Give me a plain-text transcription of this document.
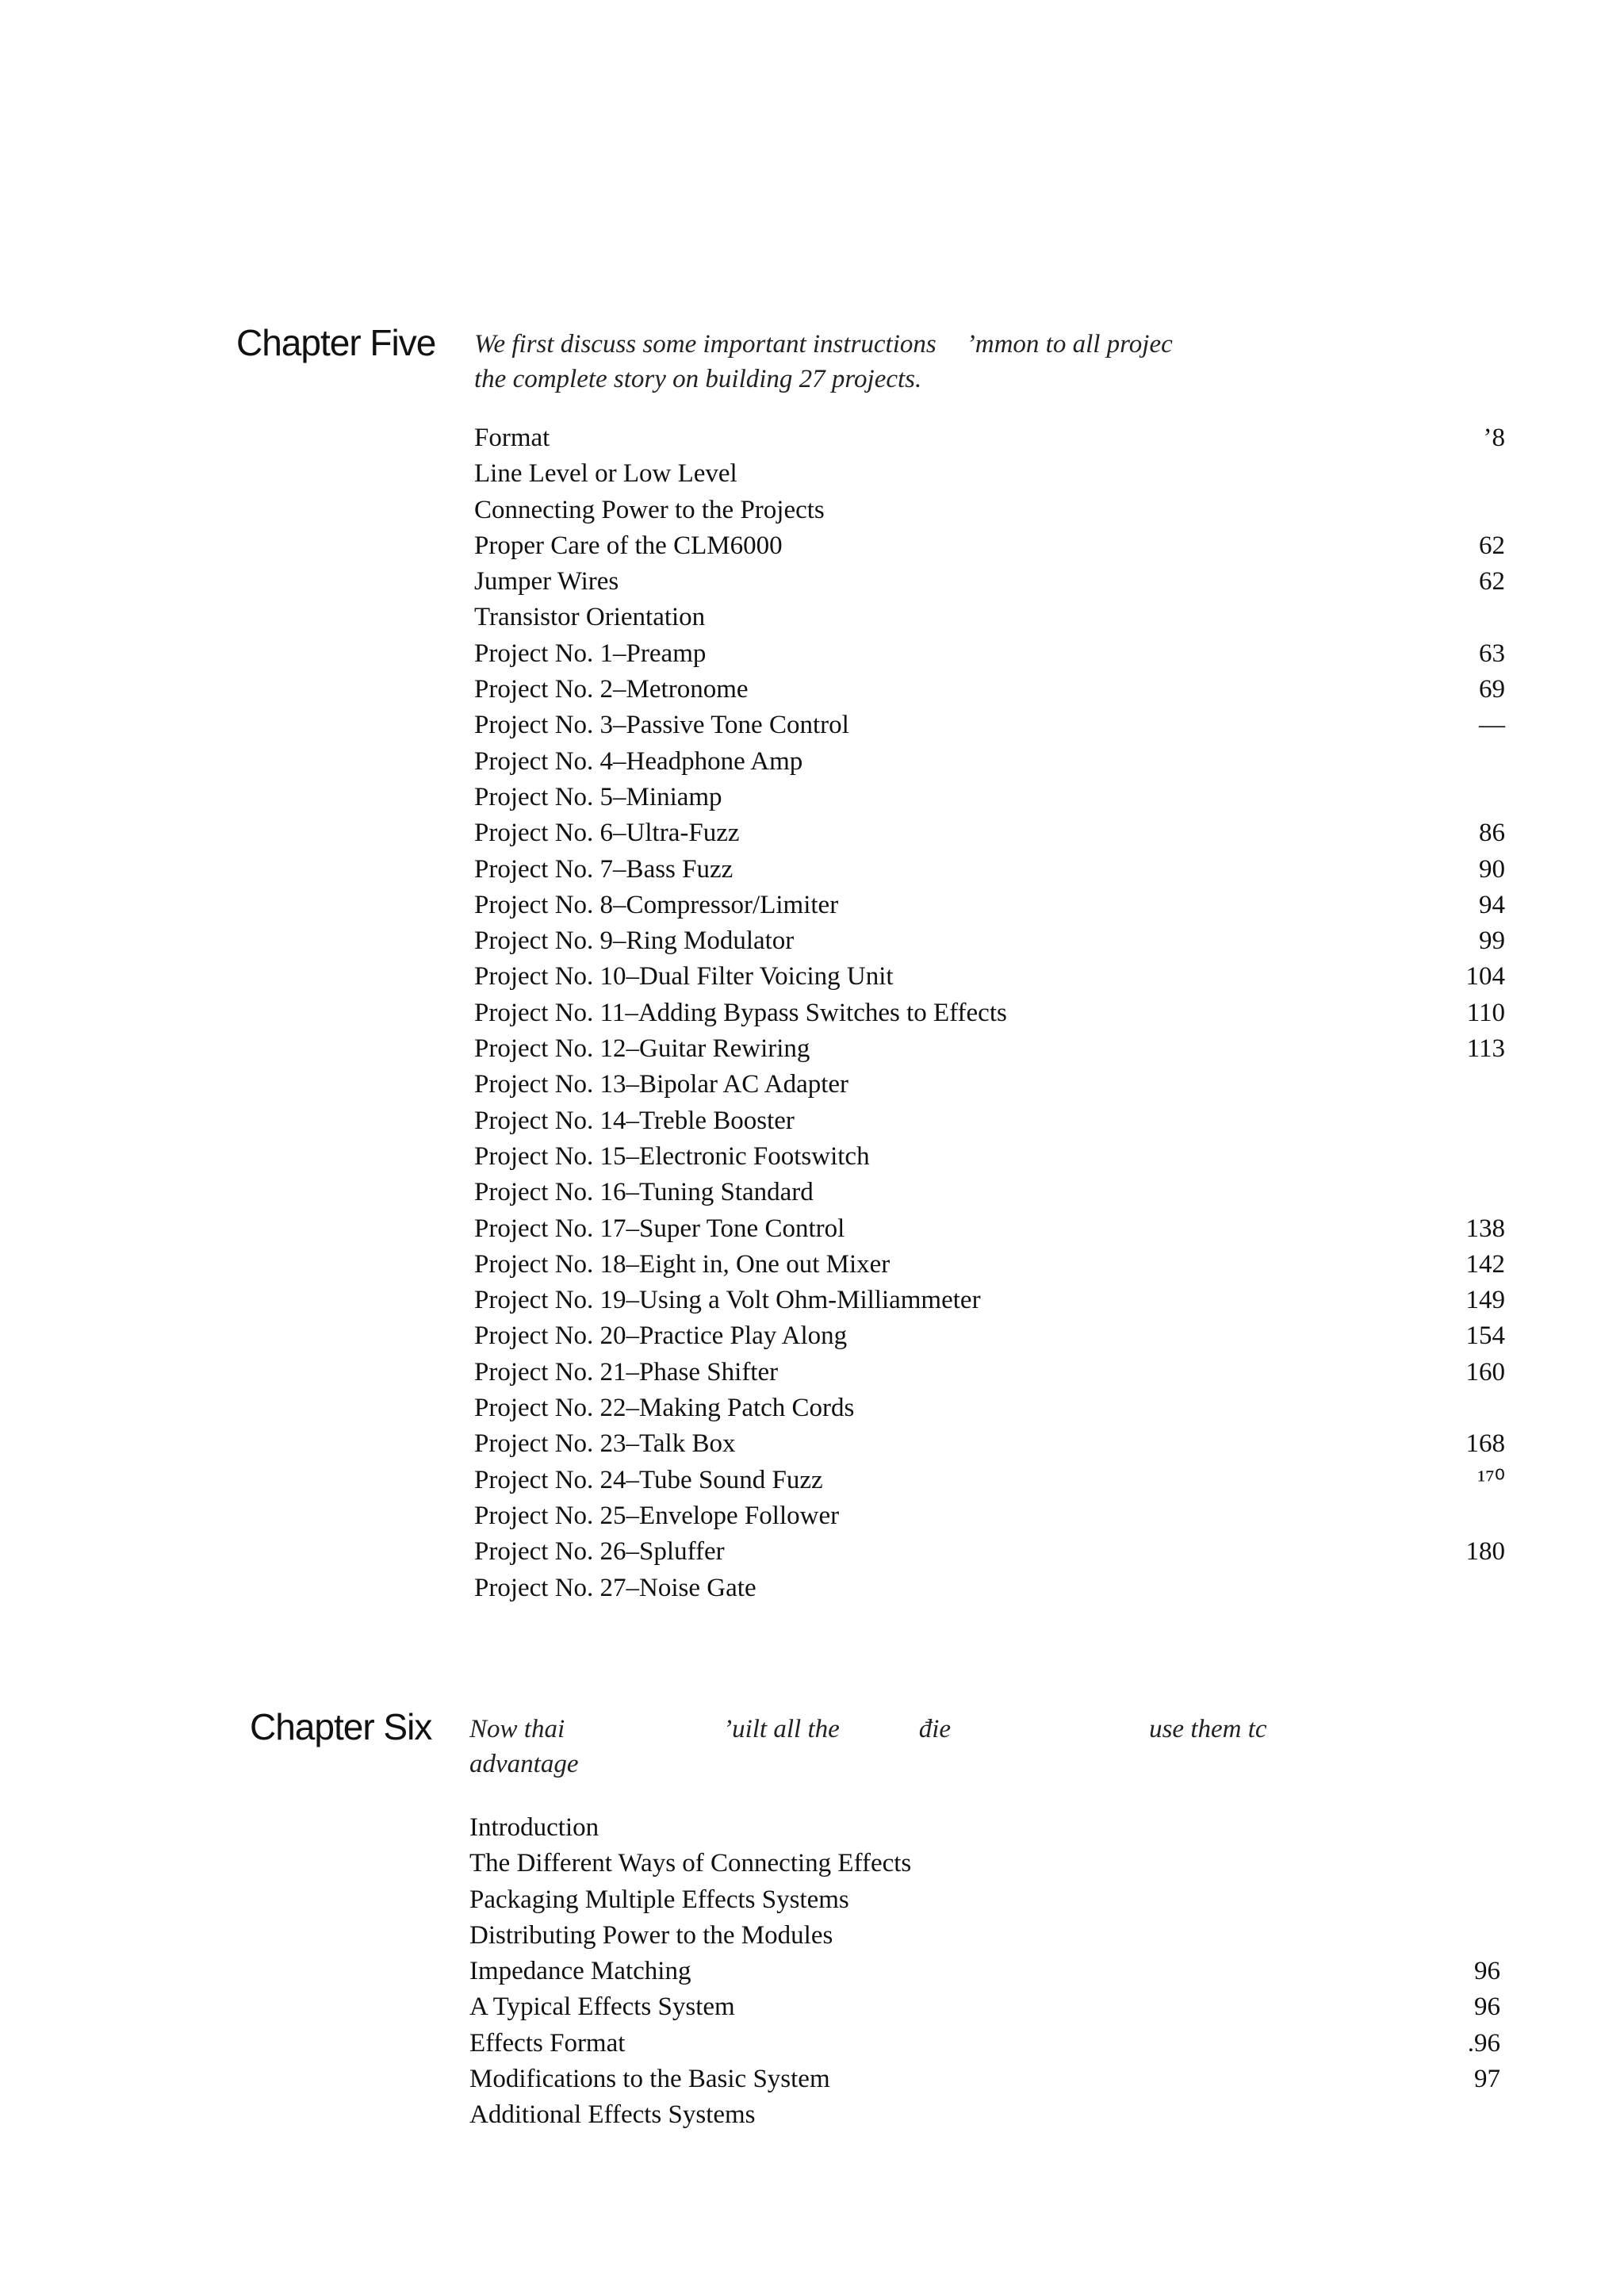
Chapter Five We first discuss some important instructions ’mmon to all projec
the complete story on building 27 projects.
Format	’8
Line Level or Low Level
Connecting Power to the Projects
Proper Care of the CLM6000	62
Jumper Wires	62
Transistor Orientation
Project No. 1–Preamp	63
Project No. 2–Metronome	69
Project No. 3–Passive Tone Control	‒‒
Project No. 4–Headphone Amp
Project No. 5–Miniamp
Project No. 6–Ultra-Fuzz	86
Project No. 7–Bass Fuzz	90
Project No. 8–Compressor/Limiter	94
Project No. 9–Ring Modulator	99
Project No. 10–Dual Filter Voicing Unit	104
Project No. 11–Adding Bypass Switches to Effects	110
Project No. 12–Guitar Rewiring	113
Project No. 13–Bipolar AC Adapter
Project No. 14–Treble Booster
Project No. 15–Electronic Footswitch
Project No. 16–Tuning Standard
Project No. 17–Super Tone Control	138
Project No. 18–Eight in, One out Mixer	142
Project No. 19–Using a Volt Ohm-Milliammeter	149
Project No. 20–Practice Play Along	154
Project No. 21–Phase Shifter	160
Project No. 22–Making Patch Cords
Project No. 23–Talk Box	168
Project No. 24–Tube Sound Fuzz	¹⁷⁰
Project No. 25–Envelope Follower
Project No. 26–Spluffer	180
Project No. 27–Noise Gate
Chapter Six Now thai	’uilt all the	đie	use them tc
advantage
Introduction
The Different Ways of Connecting Effects
Packaging Multiple Effects Systems
Distributing Power to the Modules
Impedance Matching	96
A Typical Effects System	96
Effects Format	.96
Modifications to the Basic System	97
Additional Effects Systems
